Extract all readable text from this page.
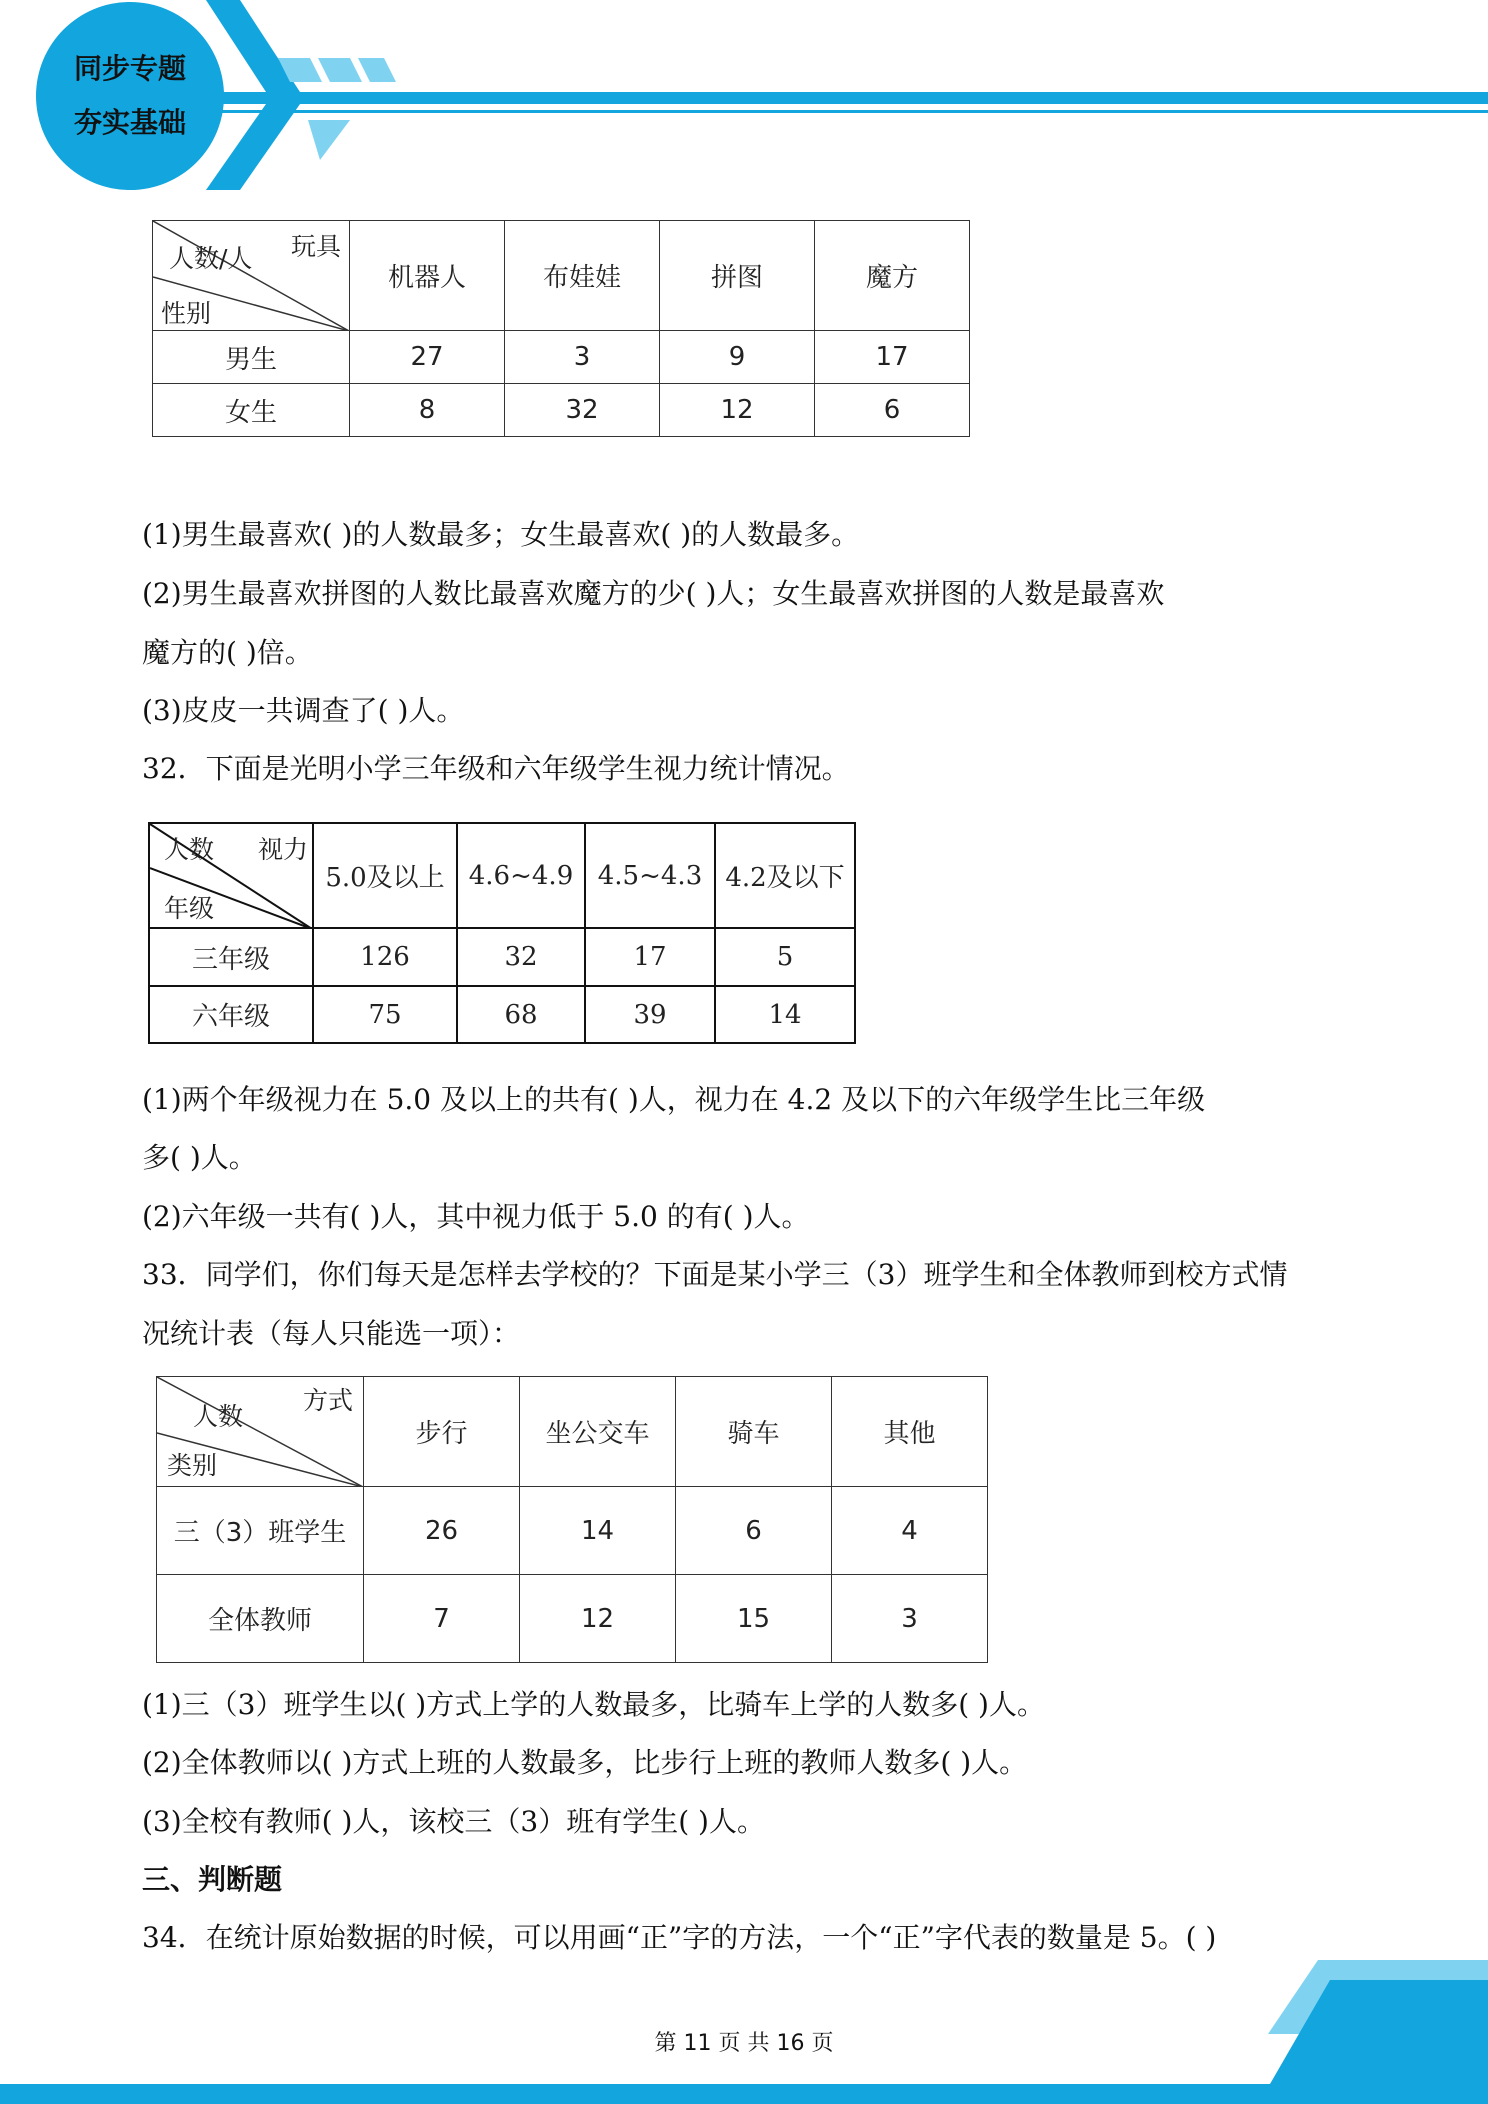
同步专题
夯实基础
玩具
人数/人
性别	机器人	布娃娃	拼图	魔方
男生	27	3	9	17
女生	8	32	12	6
(1)男生最喜欢( )的人数最多；女生最喜欢( )的人数最多。
(2)男生最喜欢拼图的人数比最喜欢魔方的少( )人；女生最喜欢拼图的人数是最喜欢
魔方的( )倍。
(3)皮皮一共调查了( )人。
32．下面是光明小学三年级和六年级学生视力统计情况。
视力
人数
年级	5.0及以上	4.6~4.9	4.5~4.3	4.2及以下
三年级	126	32	17	5
六年级	75	68	39	14
(1)两个年级视力在 5.0 及以上的共有( )人，视力在 4.2 及以下的六年级学生比三年级
多( )人。
(2)六年级一共有( )人，其中视力低于 5.0 的有( )人。
33．同学们，你们每天是怎样去学校的？下面是某小学三（3）班学生和全体教师到校方式情
况统计表（每人只能选一项）：
方式
人数
类别	步行	坐公交车	骑车	其他
三（3）班学生	26	14	6	4
全体教师	7	12	15	3
(1)三（3）班学生以( )方式上学的人数最多，比骑车上学的人数多( )人。
(2)全体教师以( )方式上班的人数最多，比步行上班的教师人数多( )人。
(3)全校有教师( )人，该校三（3）班有学生( )人。
三、判断题
34．在统计原始数据的时候，可以用画“正”字的方法，一个“正”字代表的数量是 5。( )
第 11 页 共 16 页
